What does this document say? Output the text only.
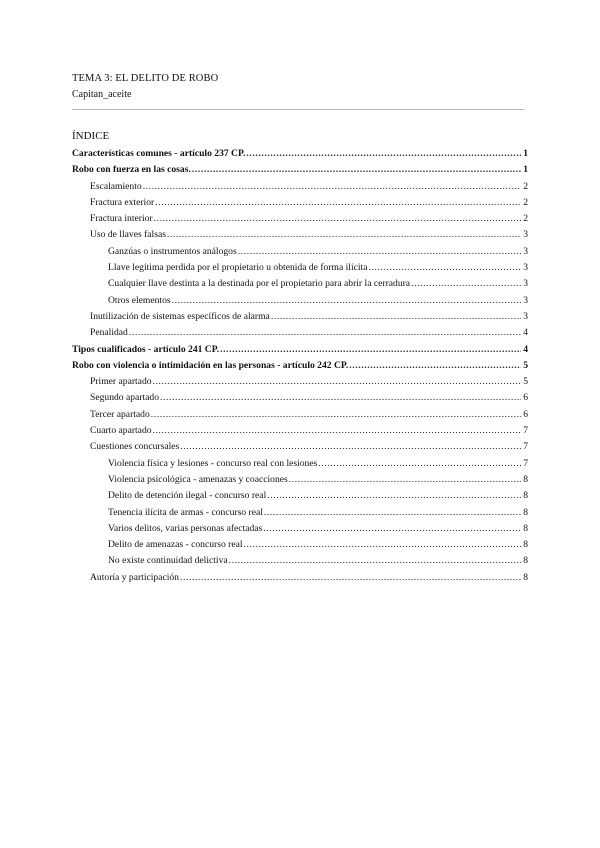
TEMA 3: EL DELITO DE ROBO
Capitan_aceite
ÍNDICE
Características comunes - artículo 237 CP. .....	1
Robo con fuerza en las cosas. .....	1
Escalamiento .....	2
Fractura exterior .....	2
Fractura interior .....	2
Uso de llaves falsas .....	3
Ganzúas o instrumentos análogos .....	3
Llave legítima perdida por el propietario u obtenida de forma ilícita .....	3
Cualquier llave destinta a la destinada por el propietario para abrir la cerradura .....	3
Otros elementos .....	3
Inutilización de sistemas específicos de alarma .....	3
Penalidad .....	4
Tipos cualificados - artículo 241 CP. .....	4
Robo con violencia o intimidación en las personas - artículo 242 CP. .....	5
Primer apartado .....	5
Segundo apartado .....	6
Tercer apartado .....	6
Cuarto apartado .....	7
Cuestiones concursales .....	7
Violencia física y lesiones - concurso real con lesiones .....	7
Violencia psicológica - amenazas y coacciones .....	8
Delito de detención ilegal - concurso real .....	8
Tenencia ilícita de armas - concurso real .....	8
Varios delitos, varias personas afectadas .....	8
Delito de amenazas - concurso real .....	8
No existe continuidad delictiva .....	8
Autoría y participación .....	8
